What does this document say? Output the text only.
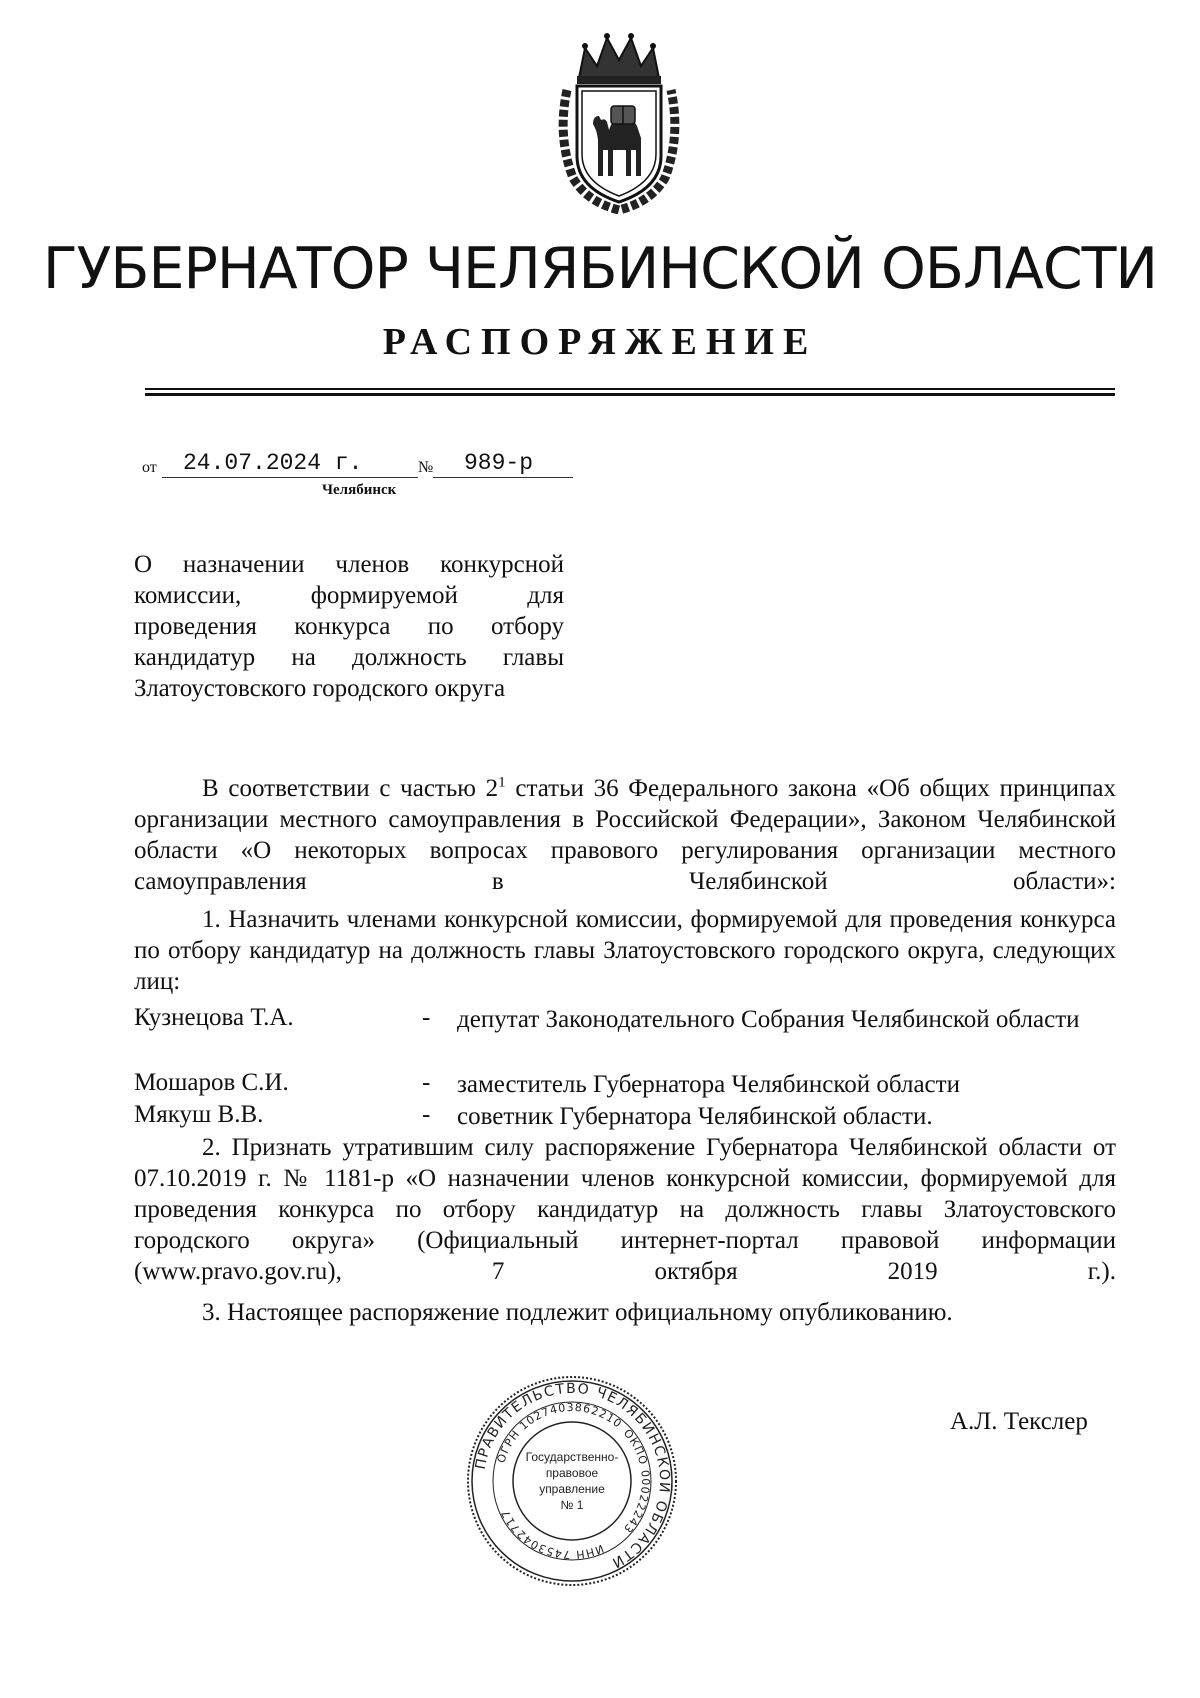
ГУБЕРНАТОР ЧЕЛЯБИНСКОЙ ОБЛАСТИ
РАСПОРЯЖЕНИЕ
от 24.07.2024 г.	№ 989-р
Челябинск
О назначении членов конкурсной комиссии, формируемой для проведения конкурса по отбору кандидатур на должность главы Златоустовского городского округа
В соответствии с частью $2^1$ статьи 36 Федерального закона «Об общих принципах организации местного самоуправления в Российской Федерации», Законом Челябинской области «О некоторых вопросах правового регулирования организации местного самоуправления в Челябинской области»:
1. Назначить членами конкурсной комиссии, формируемой для проведения конкурса по отбору кандидатур на должность главы Златоустовского городского округа, следующих лиц:
Кузнецова Т.А.	- депутат Законодательного Собрания Челябинской области
Мошаров С.И.	- заместитель Губернатора Челябинской области
Мякуш В.В.	- советник Губернатора Челябинской области.
2. Признать утратившим силу распоряжение Губернатора Челябинской области от 07.10.2019 г. № 1181-р «О назначении членов конкурсной комиссии, формируемой для проведения конкурса по отбору кандидатур на должность главы Златоустовского городского округа» (Официальный интернет-портал правовой информации (www.pravo.gov.ru), 7 октября 2019 г.).
3. Настоящее распоряжение подлежит официальному опубликованию.
ПРАВИТЕЛЬСТВО ЧЕЛЯБИНСКОЙ ОБЛАСТИ
ОГРН 1027403862210
ОКПО 00022243
ИНН 7453042717
Государственно-
правовое
управление
№ 1
А.Л. Текслер
